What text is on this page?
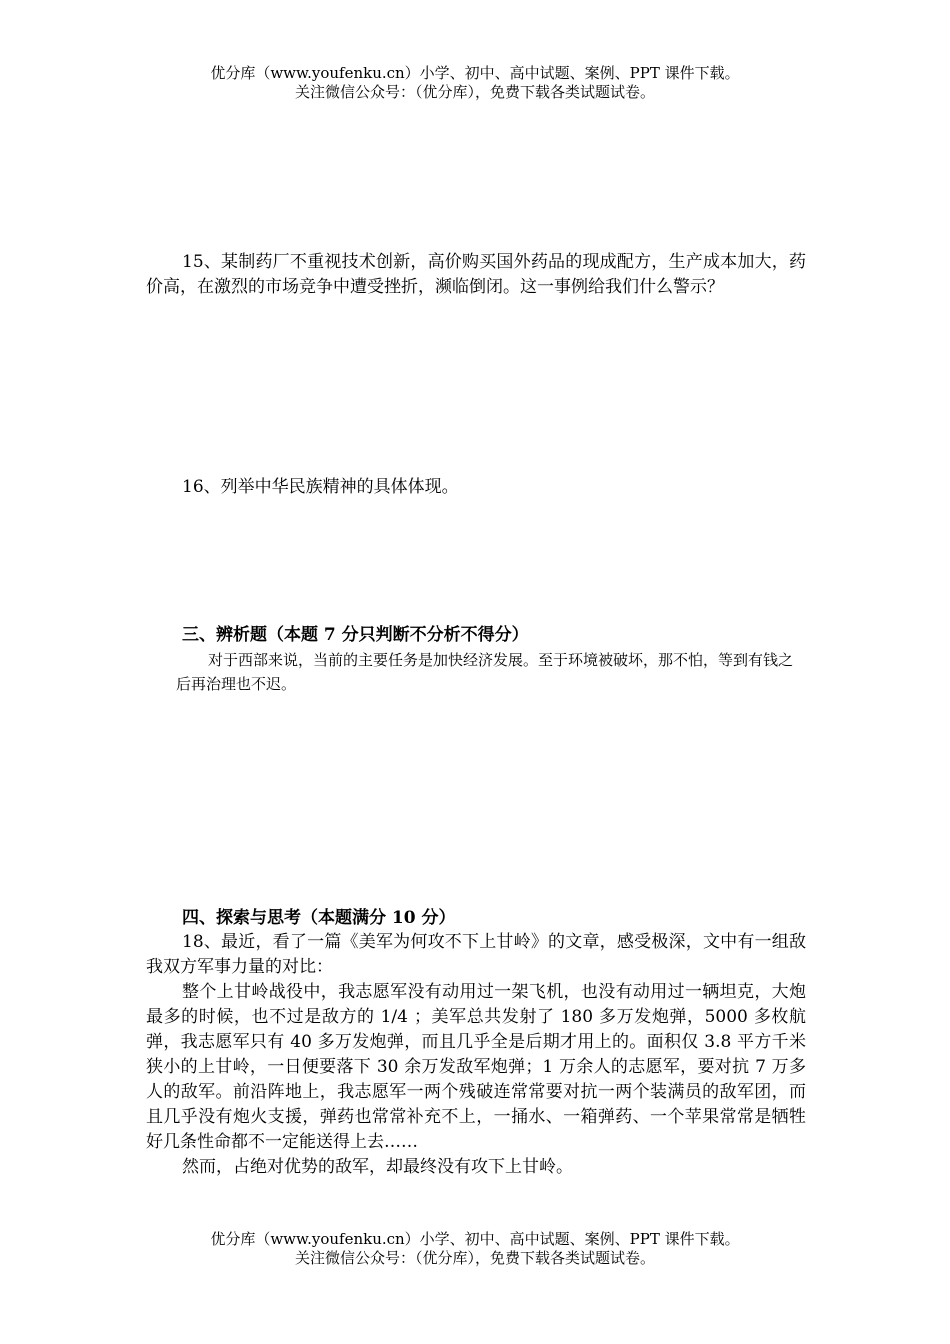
优分库（www.youfenku.cn）小学、初中、高中试题、案例、PPT 课件下载。
关注微信公众号：（优分库），免费下载各类试题试卷。
15、某制药厂不重视技术创新，高价购买国外药品的现成配方，生产成本加大，药价高，在激烈的市场竞争中遭受挫折，濒临倒闭。这一事例给我们什么警示？
16、列举中华民族精神的具体体现。
三、辨析题（本题 7 分只判断不分析不得分）
对于西部来说，当前的主要任务是加快经济发展。至于环境被破坏，那不怕，等到有钱之后再治理也不迟。
四、探索与思考（本题满分 10 分）
18、最近，看了一篇《美军为何攻不下上甘岭》的文章，感受极深，文中有一组敌我双方军事力量的对比：
整个上甘岭战役中，我志愿军没有动用过一架飞机，也没有动用过一辆坦克，大炮最多的时候，也不过是敌方的 1/4 ；美军总共发射了 180 多万发炮弹，5000 多枚航弹，我志愿军只有 40 多万发炮弹，而且几乎全是后期才用上的。面积仅 3.8 平方千米狭小的上甘岭，一日便要落下 30 余万发敌军炮弹；1 万余人的志愿军，要对抗 7 万多人的敌军。前沿阵地上，我志愿军一两个残破连常常要对抗一两个装满员的敌军团，而且几乎没有炮火支援，弹药也常常补充不上，一捅水、一箱弹药、一个苹果常常是牺牲好几条性命都不一定能送得上去……
然而，占绝对优势的敌军，却最终没有攻下上甘岭。
优分库（www.youfenku.cn）小学、初中、高中试题、案例、PPT 课件下载。
关注微信公众号：（优分库），免费下载各类试题试卷。
